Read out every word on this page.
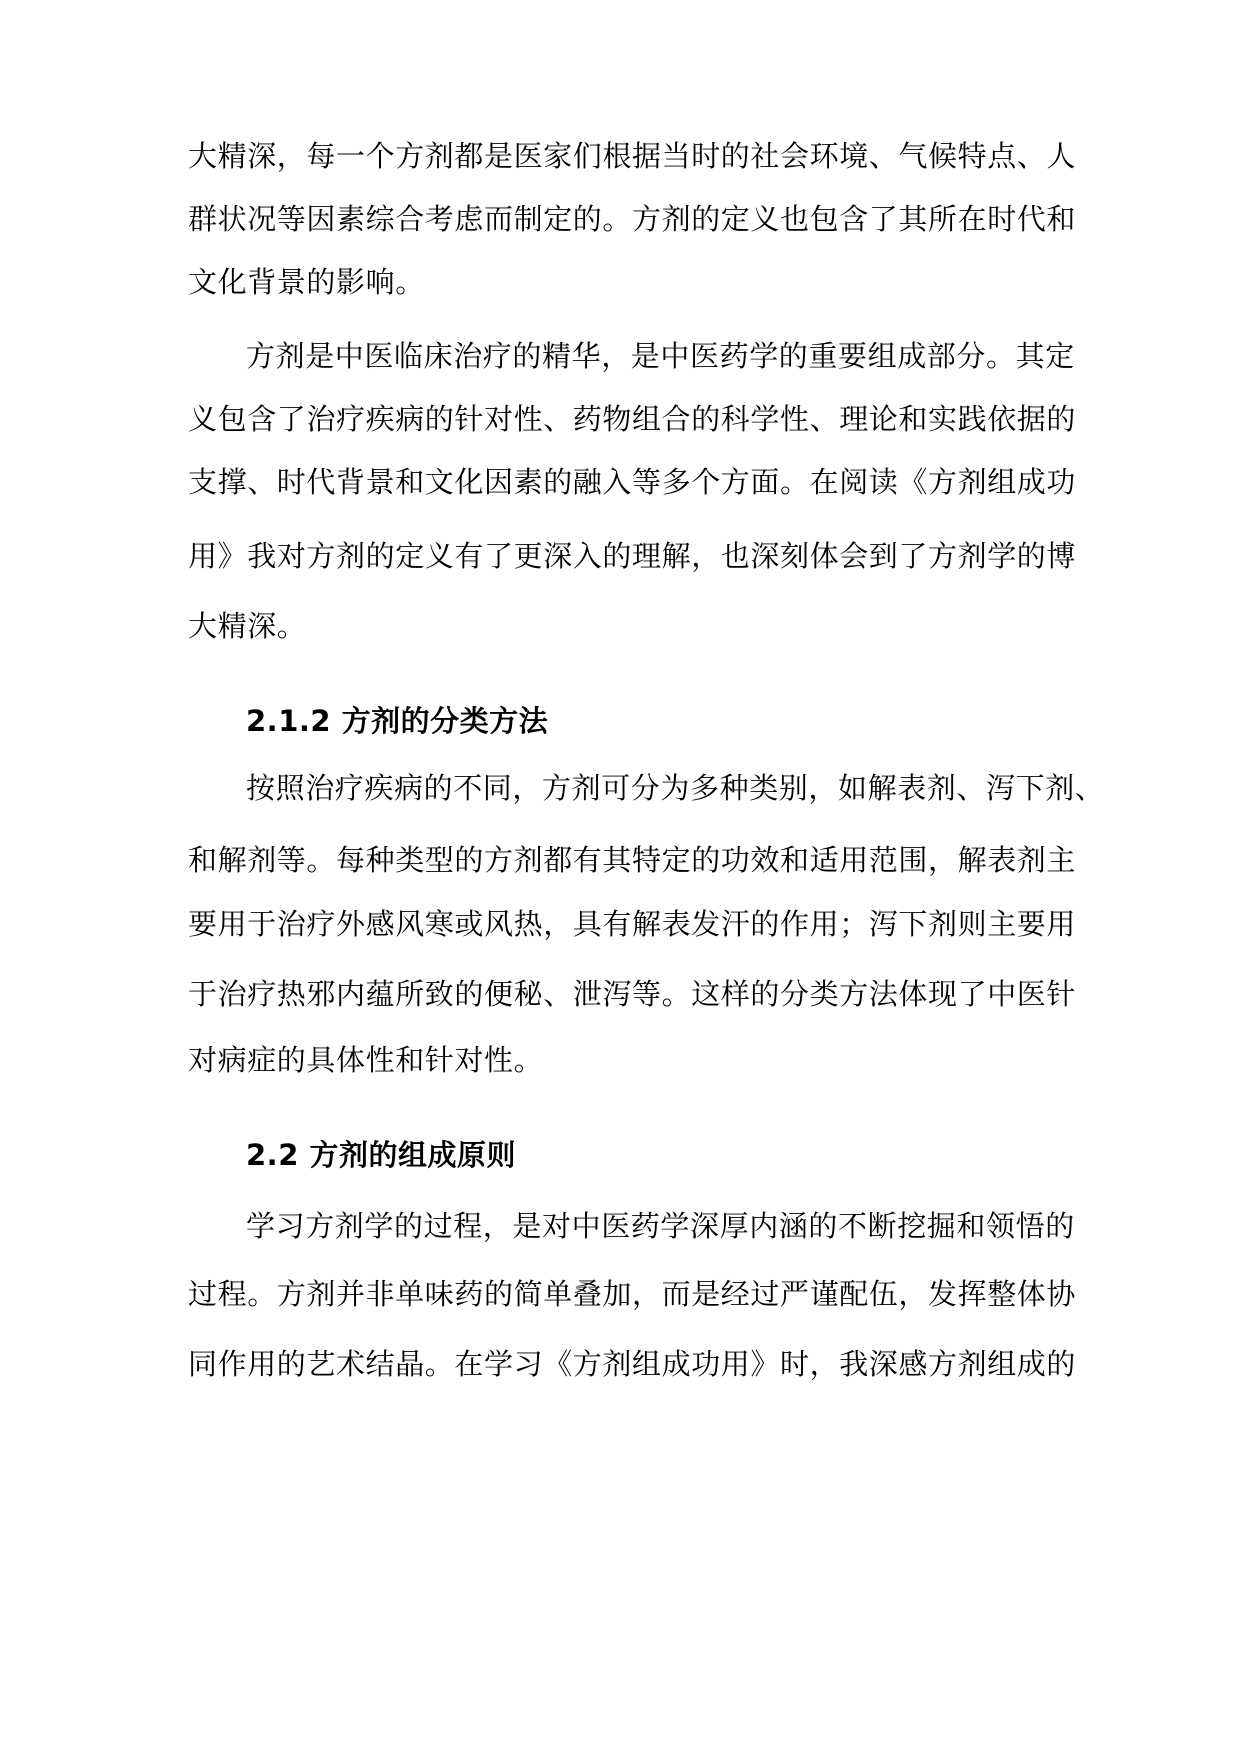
大精深，每一个方剂都是医家们根据当时的社会环境、气候特点、人
群状况等因素综合考虑而制定的。方剂的定义也包含了其所在时代和
文化背景的影响。
方剂是中医临床治疗的精华，是中医药学的重要组成部分。其定
义包含了治疗疾病的针对性、药物组合的科学性、理论和实践依据的
支撑、时代背景和文化因素的融入等多个方面。在阅读《方剂组成功
用》我对方剂的定义有了更深入的理解，也深刻体会到了方剂学的博
大精深。
2.1.2 方剂的分类方法
按照治疗疾病的不同，方剂可分为多种类别，如解表剂、泻下剂、
和解剂等。每种类型的方剂都有其特定的功效和适用范围，解表剂主
要用于治疗外感风寒或风热，具有解表发汗的作用；泻下剂则主要用
于治疗热邪内蕴所致的便秘、泄泻等。这样的分类方法体现了中医针
对病症的具体性和针对性。
2.2 方剂的组成原则
学习方剂学的过程，是对中医药学深厚内涵的不断挖掘和领悟的
过程。方剂并非单味药的简单叠加，而是经过严谨配伍，发挥整体协
同作用的艺术结晶。在学习《方剂组成功用》时，我深感方剂组成的
